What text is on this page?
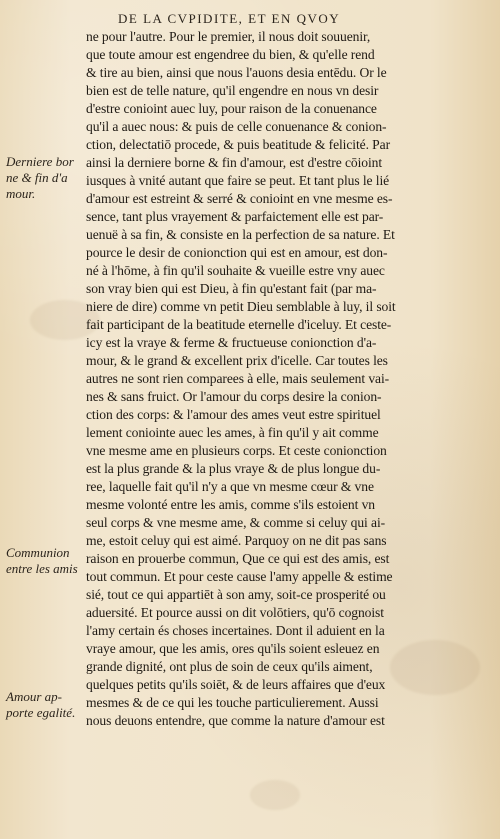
DE LA CVPIDITE, ET EN QVOY
Derniere bor
ne & fin d'a
mour.
Communion
entre les amis
Amour ap-
porte egalité.
ne pour l'autre. Pour le premier, il nous doit souuenir,
que toute amour est engendree du bien, & qu'elle rend
& tire au bien, ainsi que nous l'auons desia entēdu. Or le
bien est de telle nature, qu'il engendre en nous vn desir
d'estre conioint auec luy, pour raison de la conuenance
qu'il a auec nous: & puis de celle conuenance & conion-
ction, delectatiō procede, & puis beatitude & felicité. Par
ainsi la derniere borne & fin d'amour, est d'estre cōioint
iusques à vnité autant que faire se peut. Et tant plus le lié
d'amour est estreint & serré & conioint en vne mesme es-
sence, tant plus vrayement & parfaictement elle est par-
uenuë à sa fin, & consiste en la perfection de sa nature. Et
pource le desir de conionction qui est en amour, est don-
né à l'hōme, à fin qu'il souhaite & vueille estre vny auec
son vray bien qui est Dieu, à fin qu'estant fait (par ma-
niere de dire) comme vn petit Dieu semblable à luy, il soit
fait participant de la beatitude eternelle d'iceluy. Et ceste-
icy est la vraye & ferme & fructueuse conionction d'a-
mour, & le grand & excellent prix d'icelle. Car toutes les
autres ne sont rien comparees à elle, mais seulement vai-
nes & sans fruict. Or l'amour du corps desire la conion-
ction des corps: & l'amour des ames veut estre spirituel
lement coniointe auec les ames, à fin qu'il y ait comme
vne mesme ame en plusieurs corps. Et ceste conionction
est la plus grande & la plus vraye & de plus longue du-
ree, laquelle fait qu'il n'y a que vn mesme cœur & vne
mesme volonté entre les amis, comme s'ils estoient vn
seul corps & vne mesme ame, & comme si celuy qui ai-
me, estoit celuy qui est aimé. Parquoy on ne dit pas sans
raison en prouerbe commun, Que ce qui est des amis, est
tout commun. Et pour ceste cause l'amy appelle & estime
sié, tout ce qui appartiēt à son amy, soit-ce prosperité ou
aduersité. Et pource aussi on dit volōtiers, qu'ō cognoist
l'amy certain és choses incertaines. Dont il aduient en la
vraye amour, que les amis, ores qu'ils soient esleuez en
grande dignité, ont plus de soin de ceux qu'ils aiment,
quelques petits qu'ils soiēt, & de leurs affaires que d'eux
mesmes & de ce qui les touche particulierement. Aussi
nous deuons entendre, que comme la nature d'amour est
